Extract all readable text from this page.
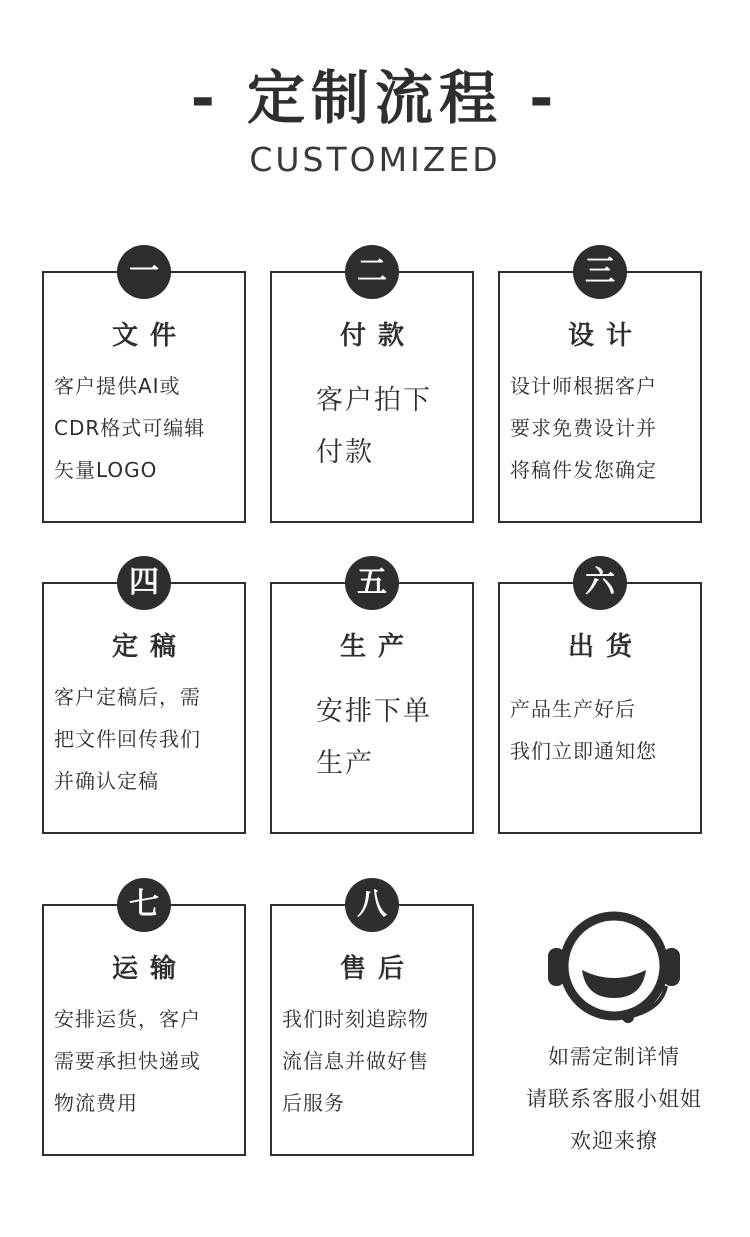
- 定制流程 -
CUSTOMIZED
一
文件
客户提供AI或
CDR格式可编辑
矢量LOGO
二
付款
客户拍下
付款
三
设计
设计师根据客户
要求免费设计并
将稿件发您确定
四
定稿
客户定稿后，需
把文件回传我们
并确认定稿
五
生产
安排下单
生产
六
出货
产品生产好后
我们立即通知您
七
运输
安排运货，客户
需要承担快递或
物流费用
八
售后
我们时刻追踪物
流信息并做好售
后服务
如需定制详情
请联系客服小姐姐
欢迎来撩
